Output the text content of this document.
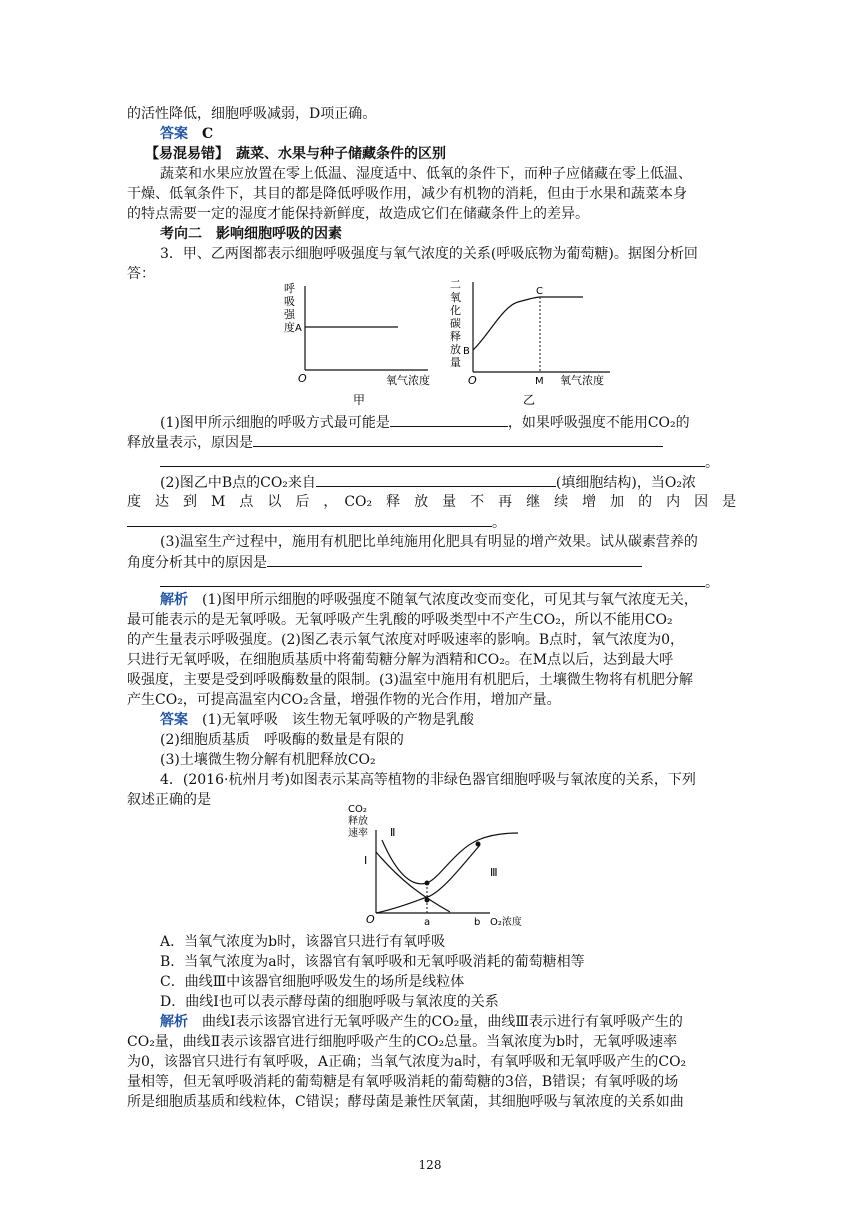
的活性降低，细胞呼吸减弱，D项正确。
答案　 C
【易混易错】　 蔬菜、水果与种子储藏条件的区别
蔬菜和水果应放置在零上低温、湿度适中、低氧的条件下，而种子应储藏在零上低温、
干燥、低氧条件下，其目的都是降低呼吸作用，减少有机物的消耗，但由于水果和蔬菜本身
的特点需要一定的湿度才能保持新鲜度，故造成它们在储藏条件上的差异。
考向二　影响细胞呼吸的因素
3．甲、乙两图都表示细胞呼吸强度与氧气浓度的关系(呼吸底物为葡萄糖)。据图分析回
答：
呼
吸
强
度 A
O	氧气浓度
甲
二
氧
化
碳
释
放
量
B
C
O	M 氧气浓度
乙
(1)图甲所示细胞的呼吸方式最可能是	，如果呼吸强度不能用CO₂的
释放量表示，原因是
。
(2)图乙中B点的CO₂来自	(填细胞结构)，当O₂浓
度　达　到　M　点　以　后　，　CO₂　释　放　量　不　再　继　续　增　加　的　内　因　是
。
(3)温室生产过程中，施用有机肥比单纯施用化肥具有明显的增产效果。试从碳素营养的
角度分析其中的原因是
。
解析　 (1)图甲所示细胞的呼吸强度不随氧气浓度改变而变化，可见其与氧气浓度无关，
最可能表示的是无氧呼吸。无氧呼吸产生乳酸的呼吸类型中不产生CO₂，所以不能用CO₂
的产生量表示呼吸强度。(2)图乙表示氧气浓度对呼吸速率的影响。B点时，氧气浓度为0，
只进行无氧呼吸，在细胞质基质中将葡萄糖分解为酒精和CO₂。在M点以后，达到最大呼
吸强度，主要是受到呼吸酶数量的限制。(3)温室中施用有机肥后，土壤微生物将有机肥分解
产生CO₂，可提高温室内CO₂含量，增强作物的光合作用，增加产量。
答案　 (1)无氧呼吸　该生物无氧呼吸的产物是乳酸
(2)细胞质基质　呼吸酶的数量是有限的
(3)土壤微生物分解有机肥释放CO₂
4．(2016·杭州月考)如图表示某高等植物的非绿色器官细胞呼吸与氧浓度的关系，下列
叙述正确的是
CO₂
释放
速率
Ⅰ
Ⅱ
Ⅲ
O	a	b O₂浓度
A．当氧气浓度为b时，该器官只进行有氧呼吸
B．当氧气浓度为a时，该器官有氧呼吸和无氧呼吸消耗的葡萄糖相等
C．曲线Ⅲ中该器官细胞呼吸发生的场所是线粒体
D．曲线Ⅰ也可以表示酵母菌的细胞呼吸与氧浓度的关系
解析　 曲线Ⅰ表示该器官进行无氧呼吸产生的CO₂量，曲线Ⅲ表示进行有氧呼吸产生的
CO₂量，曲线Ⅱ表示该器官进行细胞呼吸产生的CO₂总量。当氧浓度为b时，无氧呼吸速率
为0，该器官只进行有氧呼吸，A正确；当氧气浓度为a时，有氧呼吸和无氧呼吸产生的CO₂
量相等，但无氧呼吸消耗的葡萄糖是有氧呼吸消耗的葡萄糖的3倍，B错误；有氧呼吸的场
所是细胞质基质和线粒体，C错误；酵母菌是兼性厌氧菌，其细胞呼吸与氧浓度的关系如曲
128
